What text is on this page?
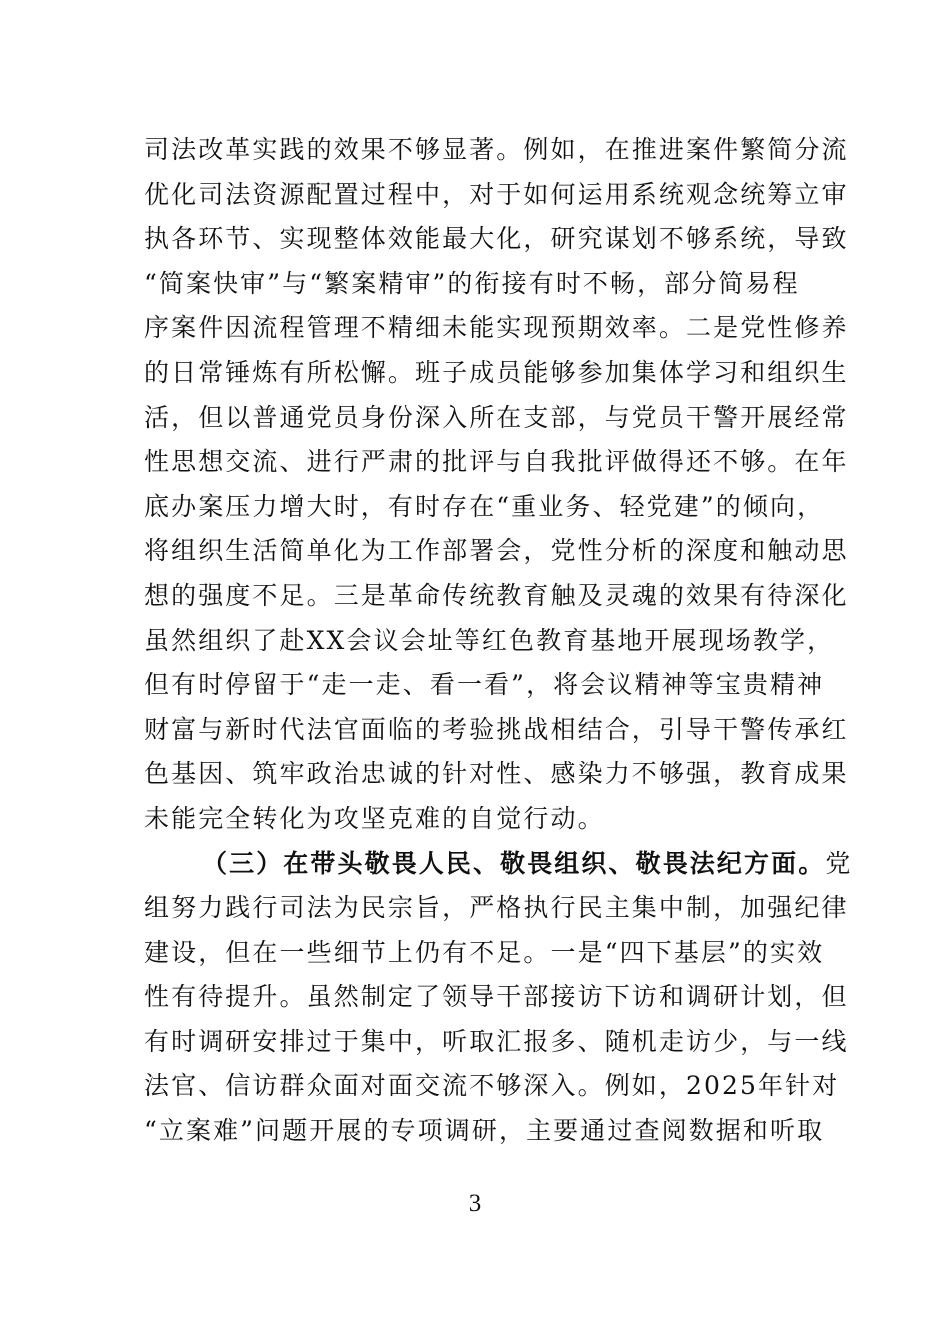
司法改革实践的效果不够显著。例如，在推进案件繁简分流
优化司法资源配置过程中，对于如何运用系统观念统筹立审
执各环节、实现整体效能最大化，研究谋划不够系统，导致
“简案快审”与“繁案精审”的衔接有时不畅，部分简易程
序案件因流程管理不精细未能实现预期效率。二是党性修养
的日常锤炼有所松懈。班子成员能够参加集体学习和组织生
活，但以普通党员身份深入所在支部，与党员干警开展经常
性思想交流、进行严肃的批评与自我批评做得还不够。在年
底办案压力增大时，有时存在“重业务、轻党建”的倾向，
将组织生活简单化为工作部署会，党性分析的深度和触动思
想的强度不足。三是革命传统教育触及灵魂的效果有待深化
虽然组织了赴XX会议会址等红色教育基地开展现场教学，
但有时停留于“走一走、看一看”，将会议精神等宝贵精神
财富与新时代法官面临的考验挑战相结合，引导干警传承红
色基因、筑牢政治忠诚的针对性、感染力不够强，教育成果
未能完全转化为攻坚克难的自觉行动。
（三）在带头敬畏人民、敬畏组织、敬畏法纪方面。党
组努力践行司法为民宗旨，严格执行民主集中制，加强纪律
建设，但在一些细节上仍有不足。一是“四下基层”的实效
性有待提升。虽然制定了领导干部接访下访和调研计划，但
有时调研安排过于集中，听取汇报多、随机走访少，与一线
法官、信访群众面对面交流不够深入。例如，2025年针对
“立案难”问题开展的专项调研，主要通过查阅数据和听取
3
